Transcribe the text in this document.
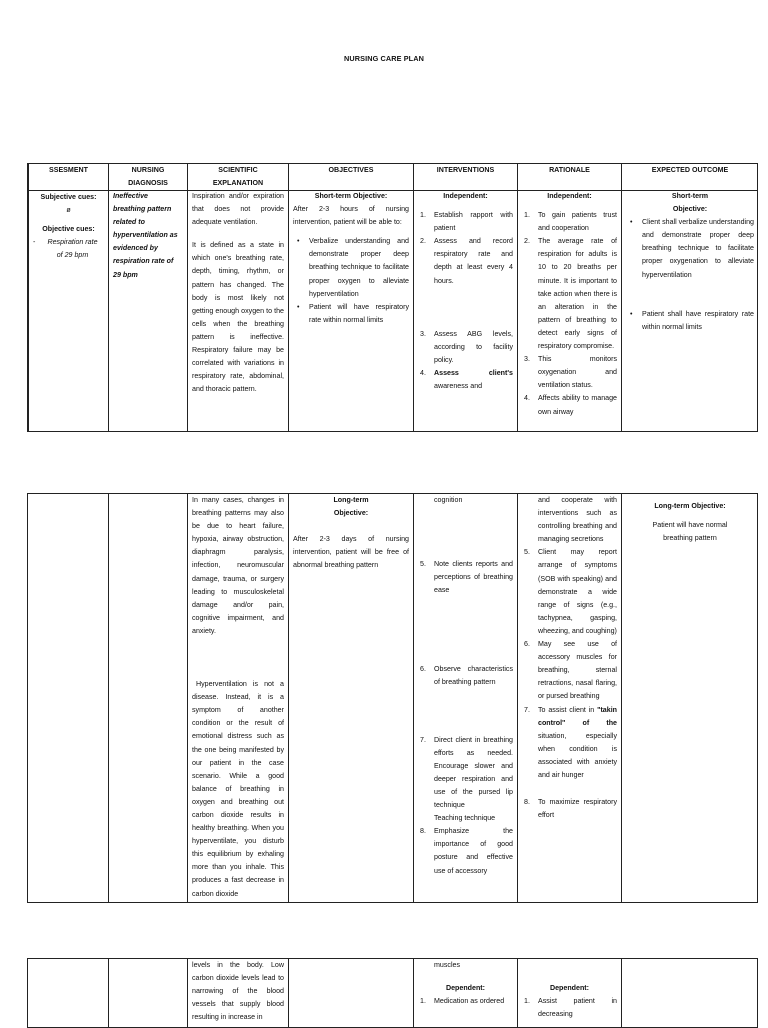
NURSING CARE PLAN
SSESMENT
Subjective cues:
ø
Objective cues:
-	Respiration rate
of 29 bpm
NURSING
DIAGNOSIS
Ineffective
breathing pattern
related to
hyperventilation as
evidenced by
respiration rate of
29 bpm
SCIENTIFIC
EXPLANATION
Inspiration and/or expiration that does not provide adequate ventilation.
It is defined as a state in which one's breathing rate, depth, timing, rhythm, or pattern has changed. The body is most likely not getting enough oxygen to the cells when the breathing pattern is ineffective. Respiratory failure may be correlated with variations in respiratory rate, abdominal, and thoracic pattern.
OBJECTIVES
Short-term Objective:
After 2-3 hours of nursing intervention, patient will be able to:
• Verbalize understanding and demonstrate proper deep breathing technique to facilitate proper oxygen to alleviate hyperventilation
• Patient will have respiratory rate within normal limits
INTERVENTIONS
Independent:
1. Establish rapport with patient
2. Assess and record respiratory rate and depth at least every 4 hours.
3. Assess ABG levels, according to facility policy.
4. Assess client's awareness and
RATIONALE
Independent:
1. To gain patients trust and cooperation
2. The average rate of respiration for adults is 10 to 20 breaths per minute. It is important to take action when there is an alteration in the pattern of breathing to detect early signs of respiratory compromise.
3. This monitors oxygenation and ventilation status.
4. Affects ability to manage own airway
EXPECTED OUTCOME
Short-term
Objective:
• Client shall verbalize understanding and demonstrate proper deep breathing technique to facilitate proper oxygenation to alleviate hyperventilation
• Patient shall have respiratory rate within normal limits
In many cases, changes in breathing patterns may also be due to heart failure, hypoxia, airway obstruction, diaphragm paralysis, infection, neuromuscular damage, trauma, or surgery leading to musculoskeletal damage and/or pain, cognitive impairment, and anxiety.
Hyperventilation is not a disease. Instead, it is a symptom of another condition or the result of emotional distress such as the one being manifested by our patient in the case scenario. While a good balance of breathing in oxygen and breathing out carbon dioxide results in healthy breathing. When you hyperventilate, you disturb this equilibrium by exhaling more than you inhale. This produces a fast decrease in carbon dioxide
Long-term
Objective:
After 2-3 days of nursing intervention, patient will be free of abnormal breathing pattern
cognition
5. Note clients reports and perceptions of breathing ease
6. Observe characteristics of breathing pattern
7. Direct client in breathing efforts as needed. Encourage slower and deeper respiration and use of the pursed lip technique
Teaching technique
8. Emphasize the importance of good posture and effective use of accessory
and cooperate with interventions such as controlling breathing and managing secretions
5. Client may report arrange of symptoms (SOB with speaking) and demonstrate a wide range of signs (e.g., tachypnea, gasping, wheezing, and coughing)
6. May see use of accessory muscles for breathing, sternal retractions, nasal flaring, or pursed breathing
7. To assist client in "takin control" of the situation, especially when condition is associated with anxiety and air hunger
8. To maximize respiratory effort
Long-term Objective:
Patient will have normal breathing pattern
levels in the body. Low carbon dioxide levels lead to narrowing of the blood vessels that supply blood resulting in increase in
muscles
Dependent:
1. Medication as ordered
Dependent:
1. Assist patient in decreasing
